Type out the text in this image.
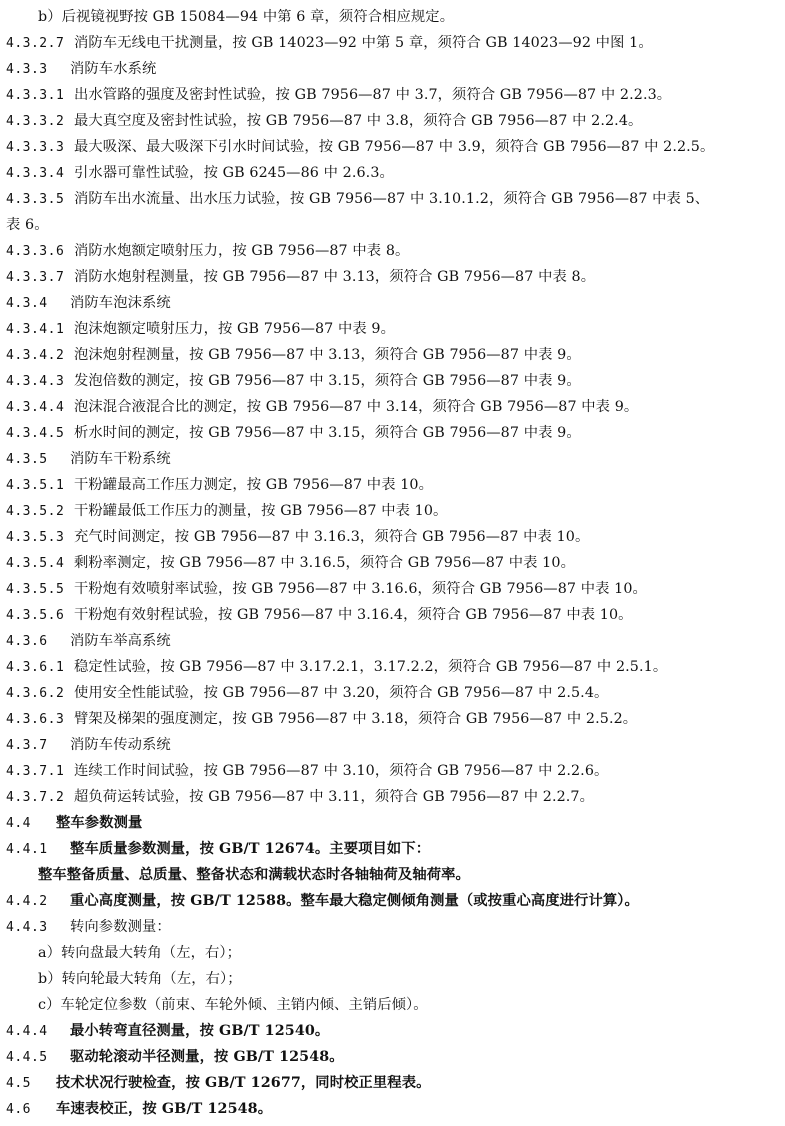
b）后视镜视野按 GB 15084—94 中第 6 章，须符合相应规定。
4.3.2.7 消防车无线电干扰测量，按 GB 14023—92 中第 5 章，须符合 GB 14023—92 中图 1。
4.3.3 消防车水系统
4.3.3.1 出水管路的强度及密封性试验，按 GB 7956—87 中 3.7，须符合 GB 7956—87 中 2.2.3。
4.3.3.2 最大真空度及密封性试验，按 GB 7956—87 中 3.8，须符合 GB 7956—87 中 2.2.4。
4.3.3.3 最大吸深、最大吸深下引水时间试验，按 GB 7956—87 中 3.9，须符合 GB 7956—87 中 2.2.5。
4.3.3.4 引水器可靠性试验，按 GB 6245—86 中 2.6.3。
4.3.3.5 消防车出水流量、出水压力试验，按 GB 7956—87 中 3.10.1.2，须符合 GB 7956—87 中表 5、
表 6。
4.3.3.6 消防水炮额定喷射压力，按 GB 7956—87 中表 8。
4.3.3.7 消防水炮射程测量，按 GB 7956—87 中 3.13，须符合 GB 7956—87 中表 8。
4.3.4 消防车泡沫系统
4.3.4.1 泡沫炮额定喷射压力，按 GB 7956—87 中表 9。
4.3.4.2 泡沫炮射程测量，按 GB 7956—87 中 3.13，须符合 GB 7956—87 中表 9。
4.3.4.3 发泡倍数的测定，按 GB 7956—87 中 3.15，须符合 GB 7956—87 中表 9。
4.3.4.4 泡沫混合液混合比的测定，按 GB 7956—87 中 3.14，须符合 GB 7956—87 中表 9。
4.3.4.5 析水时间的测定，按 GB 7956—87 中 3.15，须符合 GB 7956—87 中表 9。
4.3.5 消防车干粉系统
4.3.5.1 干粉罐最高工作压力测定，按 GB 7956—87 中表 10。
4.3.5.2 干粉罐最低工作压力的测量，按 GB 7956—87 中表 10。
4.3.5.3 充气时间测定，按 GB 7956—87 中 3.16.3，须符合 GB 7956—87 中表 10。
4.3.5.4 剩粉率测定，按 GB 7956—87 中 3.16.5，须符合 GB 7956—87 中表 10。
4.3.5.5 干粉炮有效喷射率试验，按 GB 7956—87 中 3.16.6，须符合 GB 7956—87 中表 10。
4.3.5.6 干粉炮有效射程试验，按 GB 7956—87 中 3.16.4，须符合 GB 7956—87 中表 10。
4.3.6 消防车举高系统
4.3.6.1 稳定性试验，按 GB 7956—87 中 3.17.2.1，3.17.2.2，须符合 GB 7956—87 中 2.5.1。
4.3.6.2 使用安全性能试验，按 GB 7956—87 中 3.20，须符合 GB 7956—87 中 2.5.4。
4.3.6.3 臂架及梯架的强度测定，按 GB 7956—87 中 3.18，须符合 GB 7956—87 中 2.5.2。
4.3.7 消防车传动系统
4.3.7.1 连续工作时间试验，按 GB 7956—87 中 3.10，须符合 GB 7956—87 中 2.2.6。
4.3.7.2 超负荷运转试验，按 GB 7956—87 中 3.11，须符合 GB 7956—87 中 2.2.7。
4.4 整车参数测量
4.4.1 整车质量参数测量，按 GB/T 12674。主要项目如下：
整车整备质量、总质量、整备状态和满载状态时各轴轴荷及轴荷率。
4.4.2 重心高度测量，按 GB/T 12588。整车最大稳定侧倾角测量（或按重心高度进行计算）。
4.4.3 转向参数测量：
a）转向盘最大转角（左，右）；
b）转向轮最大转角（左，右）；
c）车轮定位参数（前束、车轮外倾、主销内倾、主销后倾）。
4.4.4 最小转弯直径测量，按 GB/T 12540。
4.4.5 驱动轮滚动半径测量，按 GB/T 12548。
4.5 技术状况行驶检查，按 GB/T 12677，同时校正里程表。
4.6 车速表校正，按 GB/T 12548。
